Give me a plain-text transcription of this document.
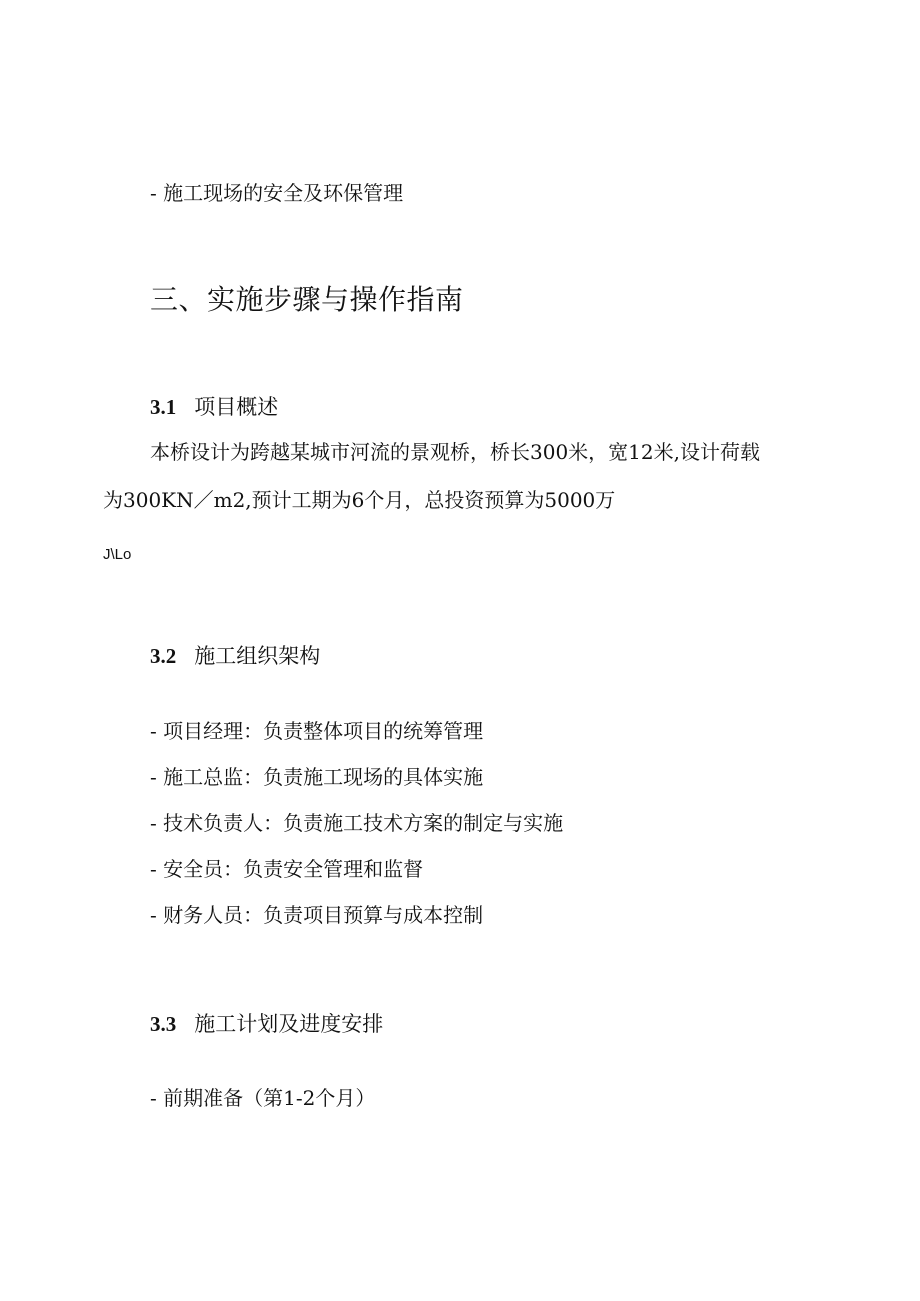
- 施工现场的安全及环保管理
三、实施步骤与操作指南
3.1 项目概述
本桥设计为跨越某城市河流的景观桥，桥长300米，宽12米,设计荷载
为300KN／m2,预计工期为6个月，总投资预算为5000万
J\Lo
3.2 施工组织架构
- 项目经理：负责整体项目的统筹管理
- 施工总监：负责施工现场的具体实施
- 技术负责人：负责施工技术方案的制定与实施
- 安全员：负责安全管理和监督
- 财务人员：负责项目预算与成本控制
3.3 施工计划及进度安排
- 前期准备（第1-2个月）
